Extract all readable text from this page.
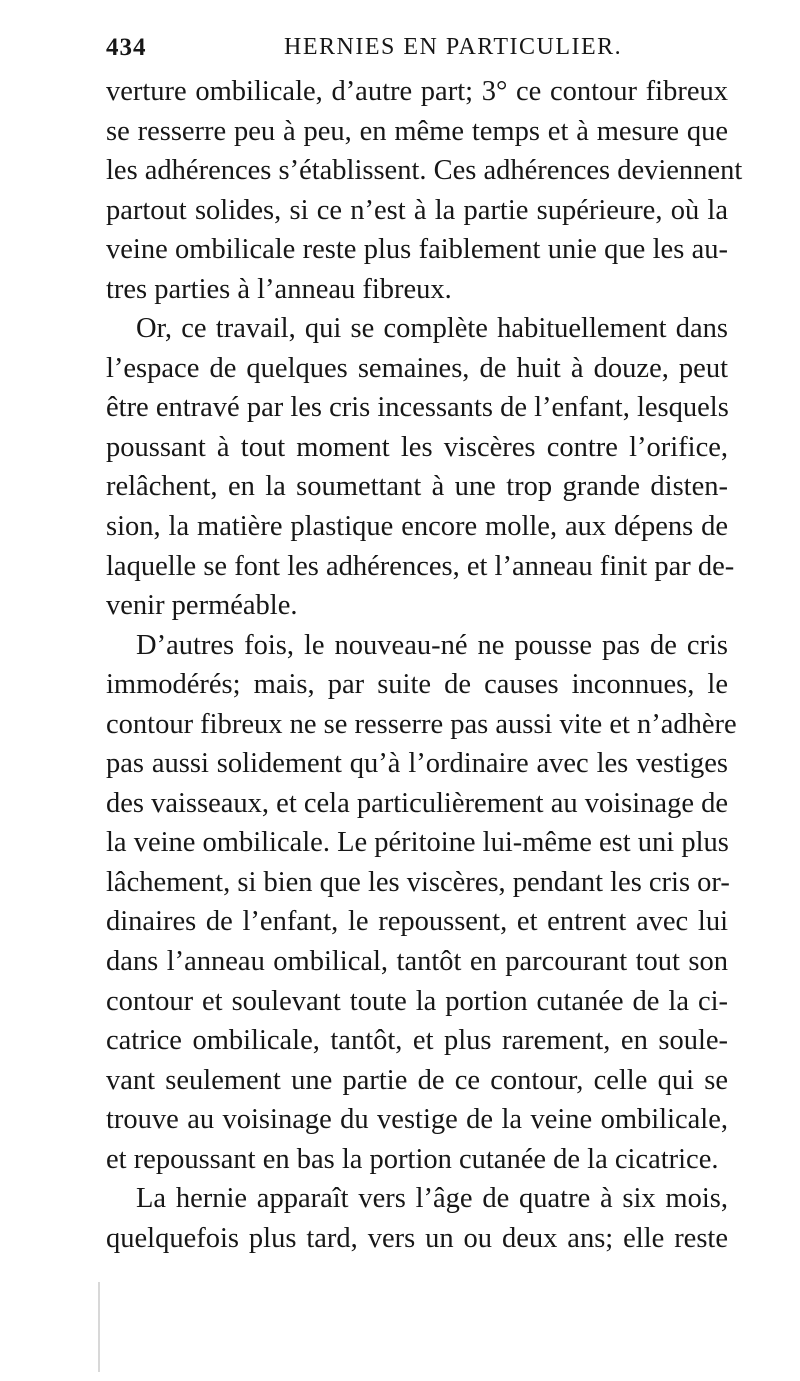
434	HERNIES EN PARTICULIER.
verture ombilicale, d’autre part; 3° ce contour fibreux
se resserre peu à peu, en même temps et à mesure que
les adhérences s’établissent. Ces adhérences deviennent
partout solides, si ce n’est à la partie supérieure, où la
veine ombilicale reste plus faiblement unie que les au-
tres parties à l’anneau fibreux.
Or, ce travail, qui se complète habituellement dans
l’espace de quelques semaines, de huit à douze, peut
être entravé par les cris incessants de l’enfant, lesquels
poussant à tout moment les viscères contre l’orifice,
relâchent, en la soumettant à une trop grande disten-
sion, la matière plastique encore molle, aux dépens de
laquelle se font les adhérences, et l’anneau finit par de-
venir perméable.
D’autres fois, le nouveau-né ne pousse pas de cris
immodérés; mais, par suite de causes inconnues, le
contour fibreux ne se resserre pas aussi vite et n’adhère
pas aussi solidement qu’à l’ordinaire avec les vestiges
des vaisseaux, et cela particulièrement au voisinage de
la veine ombilicale. Le péritoine lui-même est uni plus
lâchement, si bien que les viscères, pendant les cris or-
dinaires de l’enfant, le repoussent, et entrent avec lui
dans l’anneau ombilical, tantôt en parcourant tout son
contour et soulevant toute la portion cutanée de la ci-
catrice ombilicale, tantôt, et plus rarement, en soule-
vant seulement une partie de ce contour, celle qui se
trouve au voisinage du vestige de la veine ombilicale,
et repoussant en bas la portion cutanée de la cicatrice.
La hernie apparaît vers l’âge de quatre à six mois,
quelquefois plus tard, vers un ou deux ans; elle reste
